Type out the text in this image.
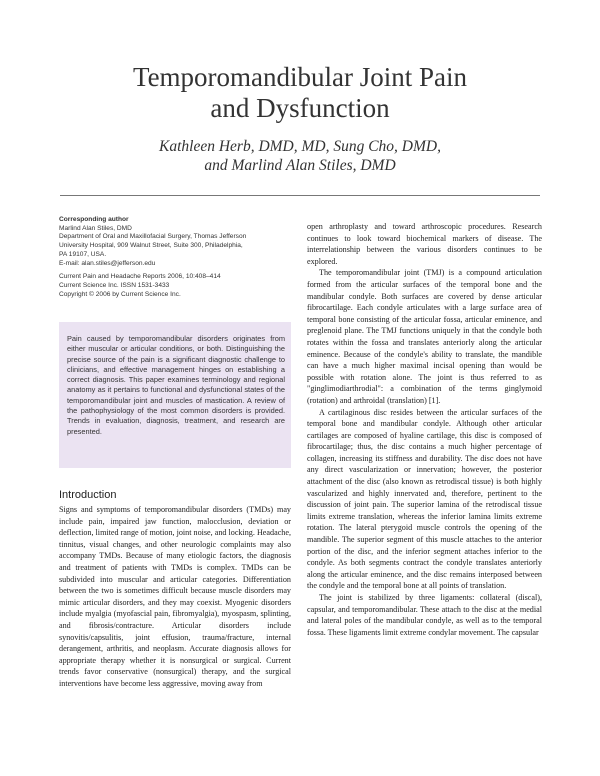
Temporomandibular Joint Pain
and Dysfunction
Kathleen Herb, DMD, MD, Sung Cho, DMD,
and Marlind Alan Stiles, DMD
Corresponding author
Marlind Alan Stiles, DMD
Department of Oral and Maxillofacial Surgery, Thomas Jefferson
University Hospital, 909 Walnut Street, Suite 300, Philadelphia,
PA 19107, USA.
E-mail: alan.stiles@jefferson.edu
Current Pain and Headache Reports 2006, 10:408–414
Current Science Inc. ISSN 1531-3433
Copyright © 2006 by Current Science Inc.
Pain caused by temporomandibular disorders originates from either muscular or articular conditions, or both. Distinguishing the precise source of the pain is a significant diagnostic challenge to clinicians, and effective management hinges on establishing a correct diagnosis. This paper examines terminology and regional anatomy as it pertains to functional and dysfunctional states of the temporomandibular joint and muscles of mastication. A review of the pathophysiology of the most common disorders is provided. Trends in evaluation, diagnosis, treatment, and research are presented.
Introduction
Signs and symptoms of temporomandibular disorders (TMDs) may include pain, impaired jaw function, malocclusion, deviation or deflection, limited range of motion, joint noise, and locking. Headache, tinnitus, visual changes, and other neurologic complaints may also accompany TMDs. Because of many etiologic factors, the diagnosis and treatment of patients with TMDs is complex. TMDs can be subdivided into muscular and articular categories. Differentiation between the two is sometimes difficult because muscle disorders may mimic articular disorders, and they may coexist. Myogenic disorders include myalgia (myofascial pain, fibromyalgia), myospasm, splinting, and fibrosis/contracture. Articular disorders include synovitis/capsulitis, joint effusion, trauma/fracture, internal derangement, arthritis, and neoplasm. Accurate diagnosis allows for appropriate therapy whether it is nonsurgical or surgical. Current trends favor conservative (nonsurgical) therapy, and the surgical interventions have become less aggressive, moving away from

open arthroplasty and toward arthroscopic procedures. Research continues to look toward biochemical markers of disease. The interrelationship between the various disorders continues to be explored.

The temporomandibular joint (TMJ) is a compound articulation formed from the articular surfaces of the temporal bone and the mandibular condyle. Both surfaces are covered by dense articular fibrocartilage. Each condyle articulates with a large surface area of temporal bone consisting of the articular fossa, articular eminence, and preglenoid plane. The TMJ functions uniquely in that the condyle both rotates within the fossa and translates anteriorly along the articular eminence. Because of the condyle's ability to translate, the mandible can have a much higher maximal incisal opening than would be possible with rotation alone. The joint is thus referred to as "ginglimodiarthrodial": a combination of the terms ginglymoid (rotation) and arthroidal (translation) [1].

A cartilaginous disc resides between the articular surfaces of the temporal bone and mandibular condyle. Although other articular cartilages are composed of hyaline cartilage, this disc is composed of fibrocartilage; thus, the disc contains a much higher percentage of collagen, increasing its stiffness and durability. The disc does not have any direct vascularization or innervation; however, the posterior attachment of the disc (also known as retrodiscal tissue) is both highly vascularized and highly innervated and, therefore, pertinent to the discussion of joint pain. The superior lamina of the retrodiscal tissue limits extreme translation, whereas the inferior lamina limits extreme rotation. The lateral pterygoid muscle controls the opening of the mandible. The superior segment of this muscle attaches to the anterior portion of the disc, and the inferior segment attaches inferior to the condyle. As both segments contract the condyle translates anteriorly along the articular eminence, and the disc remains interposed between the condyle and the temporal bone at all points of translation.

The joint is stabilized by three ligaments: collateral (discal), capsular, and temporomandibular. These attach to the disc at the medial and lateral poles of the mandibular condyle, as well as to the temporal fossa. These ligaments limit extreme condylar movement. The capsular
